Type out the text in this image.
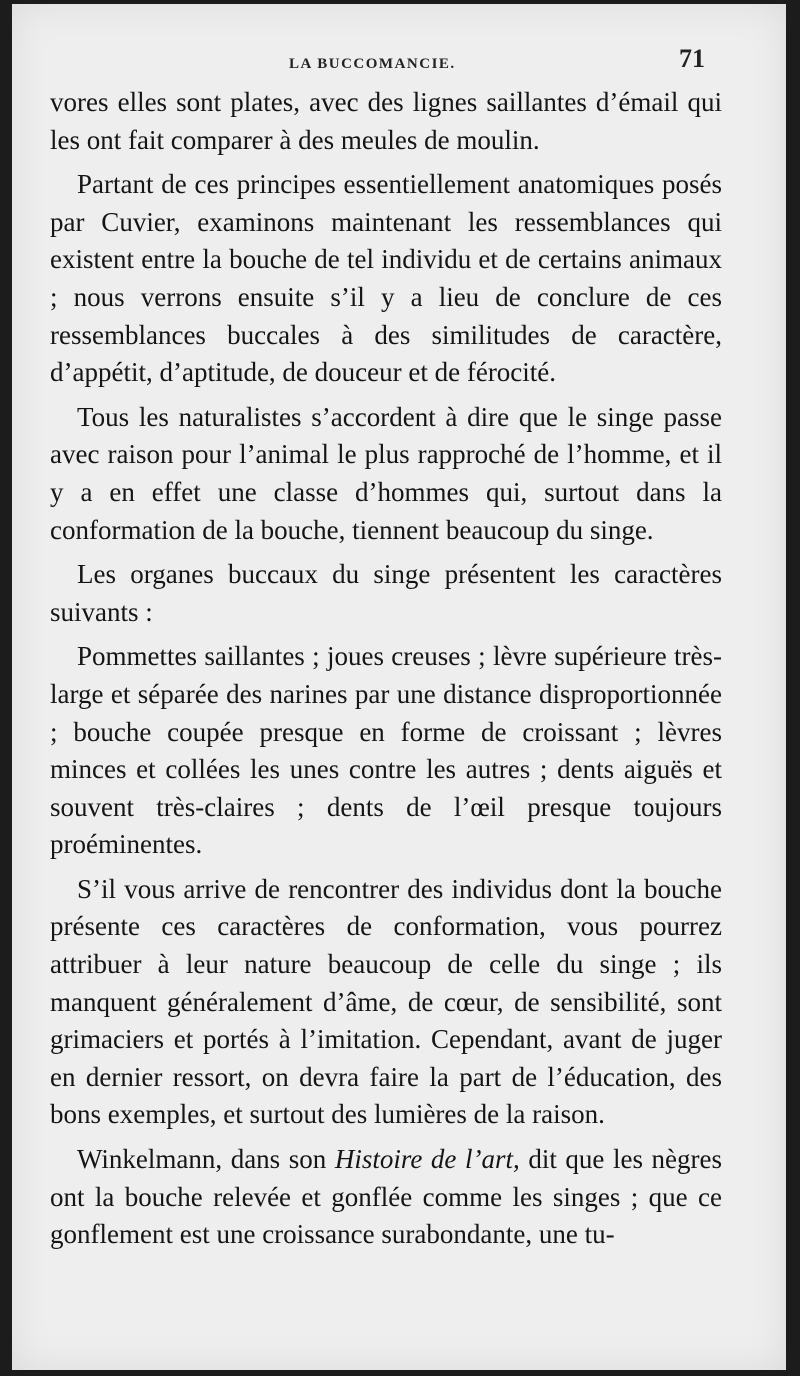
LA BUCCOMANCIE.	71

vores elles sont plates, avec des lignes saillantes d’émail qui les ont fait comparer à des meules de moulin.

Partant de ces principes essentiellement anatomiques posés par Cuvier, examinons maintenant les ressemblances qui existent entre la bouche de tel individu et de certains animaux ; nous verrons ensuite s’il y a lieu de conclure de ces ressemblances buccales à des similitudes de caractère, d’appétit, d’aptitude, de douceur et de férocité.

Tous les naturalistes s’accordent à dire que le singe passe avec raison pour l’animal le plus rapproché de l’homme, et il y a en effet une classe d’hommes qui, surtout dans la conformation de la bouche, tiennent beaucoup du singe.

Les organes buccaux du singe présentent les caractères suivants :

Pommettes saillantes ; joues creuses ; lèvre supérieure très-large et séparée des narines par une distance disproportionnée ; bouche coupée presque en forme de croissant ; lèvres minces et collées les unes contre les autres ; dents aiguës et souvent très-claires ; dents de l’œil presque toujours proéminentes.

S’il vous arrive de rencontrer des individus dont la bouche présente ces caractères de conformation, vous pourrez attribuer à leur nature beaucoup de celle du singe ; ils manquent généralement d’âme, de cœur, de sensibilité, sont grimaciers et portés à l’imitation. Cependant, avant de juger en dernier ressort, on devra faire la part de l’éducation, des bons exemples, et surtout des lumières de la raison.

Winkelmann, dans son Histoire de l’art, dit que les nègres ont la bouche relevée et gonflée comme les singes ; que ce gonflement est une croissance surabondante, une tu-
